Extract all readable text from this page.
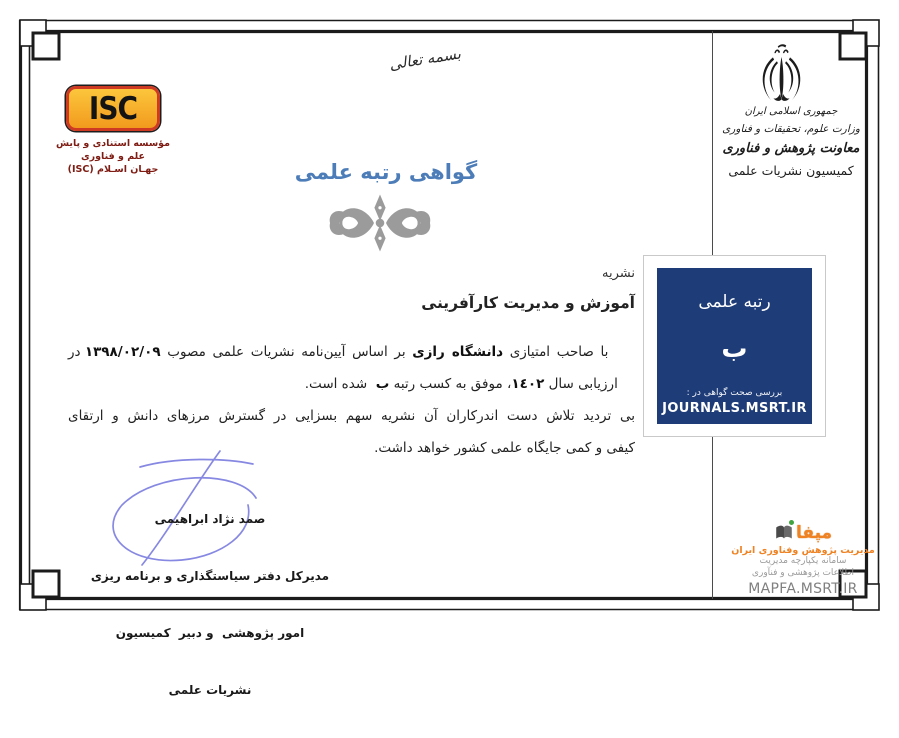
بسمه تعالی
ISC
مؤسسه استنادی و پایش علم و فناوری
جهـان اسـلام (ISC)
جمهوری اسلامی ایران
وزارت علوم، تحقیقات و فناوری
معاونت پژوهش و فناوری
کمیسیون نشریات علمی
گواهی رتبه علمی
نشریه
آموزش و مدیریت کارآفرینی

با صاحب امتیازی دانشگاه رازی بر اساس آیین‌نامه نشریات علمی مصوب ١٣٩٨/٠٢/٠٩ در

ارزیابی سال ١٤٠٢، موفق به کسب رتبه ب  شده است.

بی تردید تلاش دست اندرکاران آن نشریه سهم بسزایی در گسترش مرزهای دانش و ارتقای
کیفی و کمی جایگاه علمی کشور خواهد داشت.
رتبه علمی
ب
بررسی صحت گواهی در :
JOURNALS.MSRT.IR

صمد نژاد ابراهیمی

مدیرکل دفتر سیاستگذاری و برنامه ریزی

امور پژوهشی  و دبیر  کمیسیون

نشریات علمی

مپفا
مدیریت پژوهش وفناوری ایران
سامانه یکپارچه مدیریت
اطلاعات پژوهشی و فنآوری
MAPFA.MSRT.IR
